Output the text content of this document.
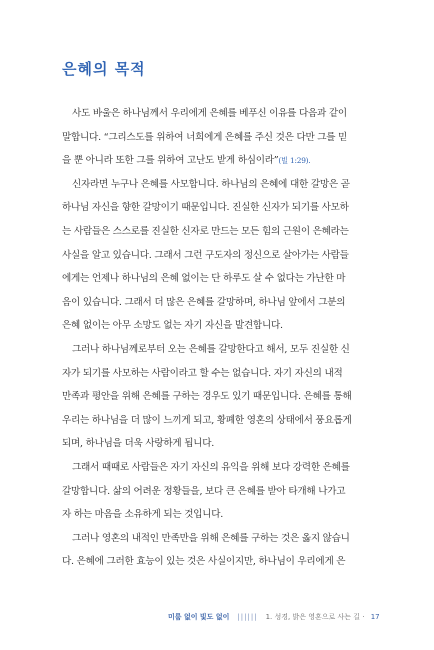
은혜의 목적
사도 바울은 하나님께서 우리에게 은혜를 베푸신 이유를 다음과 같이
말합니다. “그리스도를 위하여 너희에게 은혜를 주신 것은 다만 그를 믿
을 뿐 아니라 또한 그를 위하여 고난도 받게 하심이라”(빌 1:29).
신자라면 누구나 은혜를 사모합니다. 하나님의 은혜에 대한 갈망은 곧
하나님 자신을 향한 갈망이기 때문입니다. 진실한 신자가 되기를 사모하
는 사람들은 스스로를 진실한 신자로 만드는 모든 힘의 근원이 은혜라는
사실을 알고 있습니다. 그래서 그런 구도자의 정신으로 살아가는 사람들
에게는 언제나 하나님의 은혜 없이는 단 하루도 살 수 없다는 가난한 마
음이 있습니다. 그래서 더 많은 은혜를 갈망하며, 하나님 앞에서 그분의
은혜 없이는 아무 소망도 없는 자기 자신을 발견합니다.
그러나 하나님께로부터 오는 은혜를 갈망한다고 해서, 모두 진실한 신
자가 되기를 사모하는 사람이라고 할 수는 없습니다. 자기 자신의 내적
만족과 평안을 위해 은혜를 구하는 경우도 있기 때문입니다. 은혜를 통해
우리는 하나님을 더 많이 느끼게 되고, 황폐한 영혼의 상태에서 풍요롭게
되며, 하나님을 더욱 사랑하게 됩니다.
그래서 때때로 사람들은 자기 자신의 유익을 위해 보다 강력한 은혜를
갈망합니다. 삶의 어려운 정황들을, 보다 큰 은혜를 받아 타개해 나가고
자 하는 마음을 소유하게 되는 것입니다.
그러나 영혼의 내적인 만족만을 위해 은혜를 구하는 것은 옳지 않습니
다. 은혜에 그러한 효능이 있는 것은 사실이지만, 하나님이 우리에게 은
미룸 없이 빛도 없이 |||||| 1. 성경, 밝은 영혼으로 사는 길 · 17
